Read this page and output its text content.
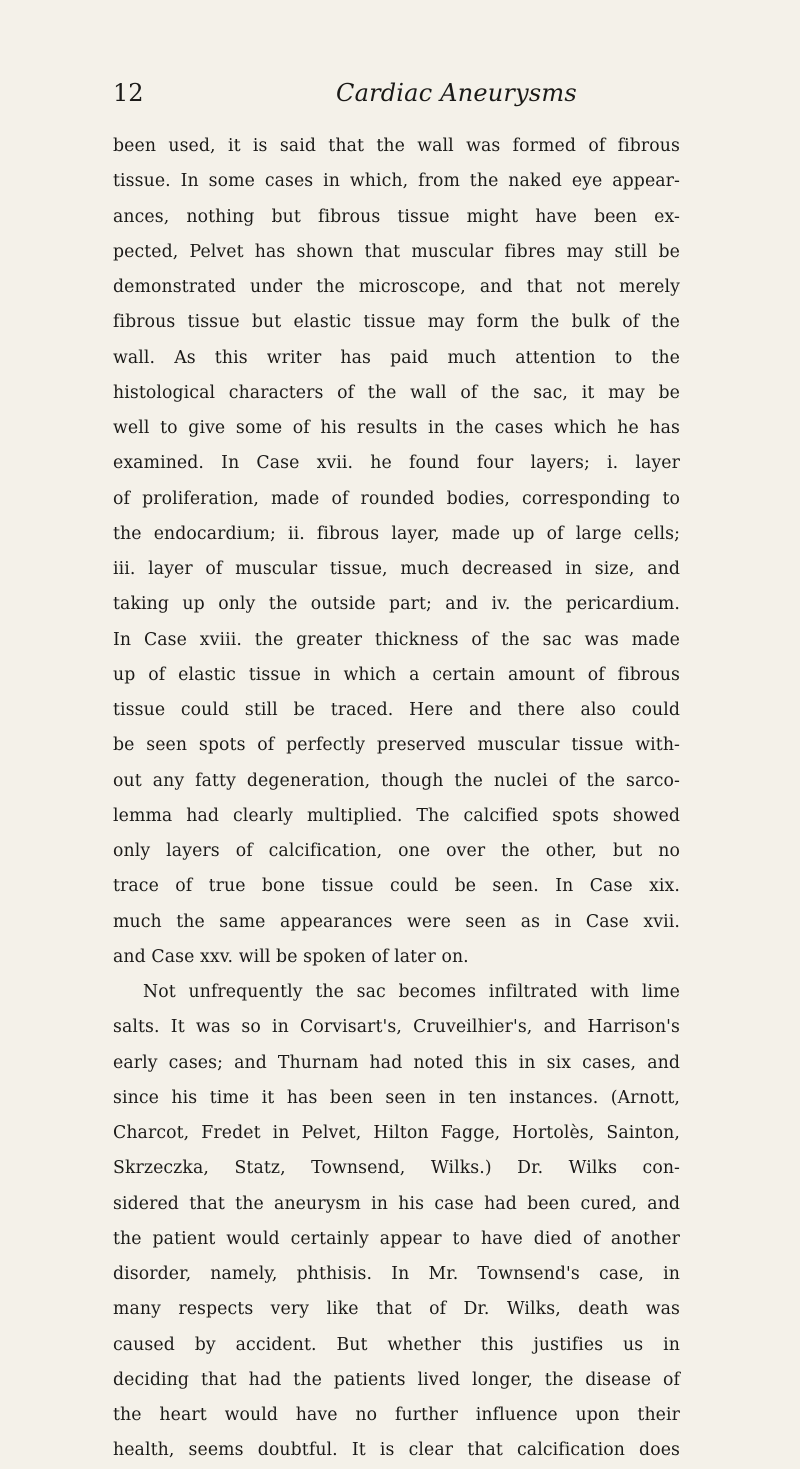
12	Cardiac Aneurysms
been used, it is said that the wall was formed of fibrous
tissue. In some cases in which, from the naked eye appear-
ances, nothing but fibrous tissue might have been ex-
pected, Pelvet has shown that muscular fibres may still be
demonstrated under the microscope, and that not merely
fibrous tissue but elastic tissue may form the bulk of the
wall. As this writer has paid much attention to the
histological characters of the wall of the sac, it may be
well to give some of his results in the cases which he has
examined. In Case xvii. he found four layers; i. layer
of proliferation, made of rounded bodies, corresponding to
the endocardium; ii. fibrous layer, made up of large cells;
iii. layer of muscular tissue, much decreased in size, and
taking up only the outside part; and iv. the pericardium.
In Case xviii. the greater thickness of the sac was made
up of elastic tissue in which a certain amount of fibrous
tissue could still be traced. Here and there also could
be seen spots of perfectly preserved muscular tissue with-
out any fatty degeneration, though the nuclei of the sarco-
lemma had clearly multiplied. The calcified spots showed
only layers of calcification, one over the other, but no
trace of true bone tissue could be seen. In Case xix.
much the same appearances were seen as in Case xvii.
and Case xxv. will be spoken of later on.
Not unfrequently the sac becomes infiltrated with lime
salts. It was so in Corvisart's, Cruveilhier's, and Harrison's
early cases; and Thurnam had noted this in six cases, and
since his time it has been seen in ten instances. (Arnott,
Charcot, Fredet in Pelvet, Hilton Fagge, Hortolès, Sainton,
Skrzeczka, Statz, Townsend, Wilks.) Dr. Wilks con-
sidered that the aneurysm in his case had been cured, and
the patient would certainly appear to have died of another
disorder, namely, phthisis. In Mr. Townsend's case, in
many respects very like that of Dr. Wilks, death was
caused by accident. But whether this justifies us in
deciding that had the patients lived longer, the disease of
the heart would have no further influence upon their
health, seems doubtful. It is clear that calcification does
